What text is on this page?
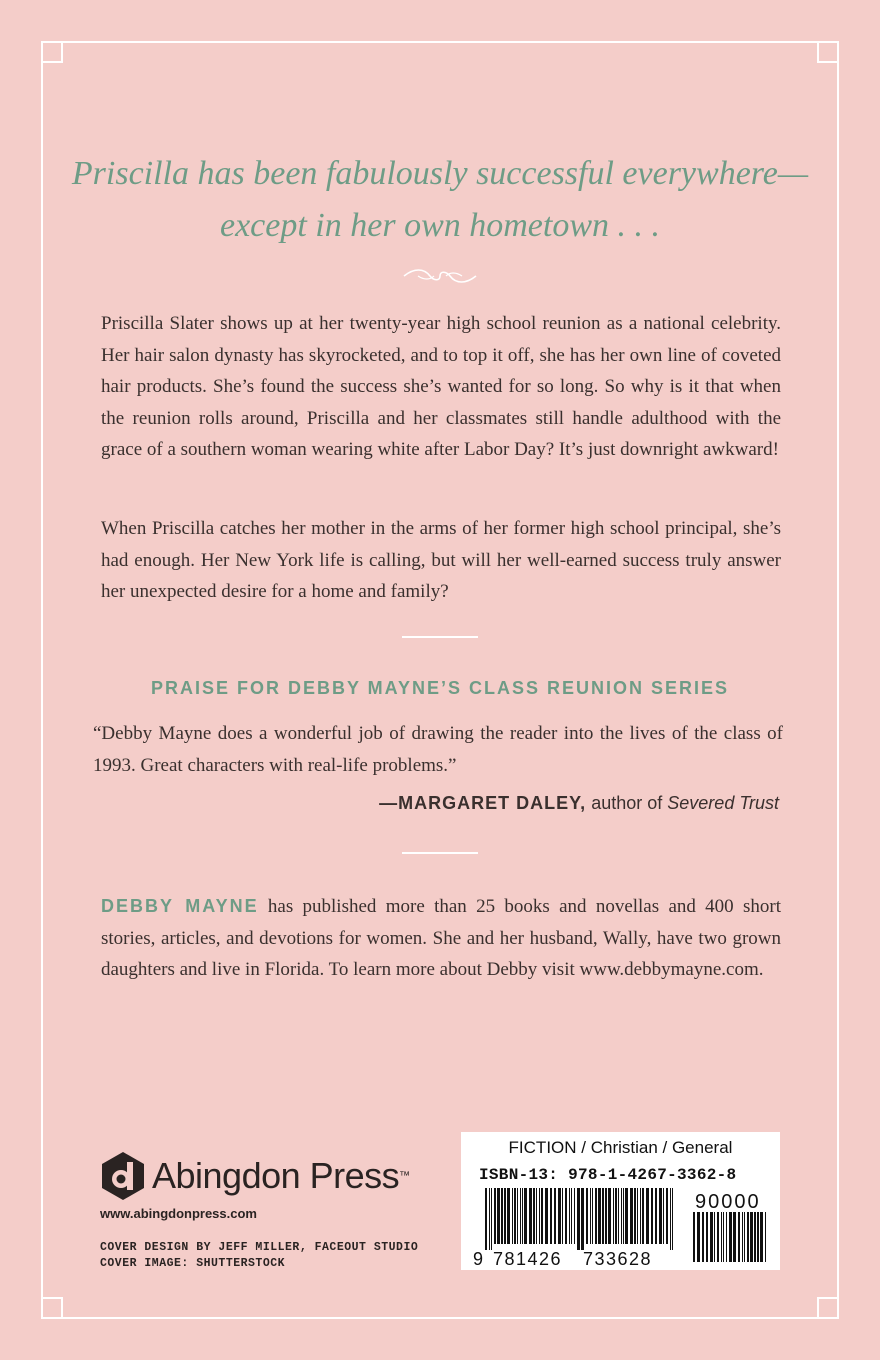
Priscilla has been fabulously successful everywhere—
except in her own hometown . . .

Priscilla Slater shows up at her twenty-year high school reunion as a national celebrity. Her hair salon dynasty has skyrocketed, and to top it off, she has her own line of coveted hair products. She’s found the success she’s wanted for so long. So why is it that when the reunion rolls around, Priscilla and her classmates still handle adulthood with the grace of a southern woman wearing white after Labor Day? It’s just downright awkward!

When Priscilla catches her mother in the arms of her former high school principal, she’s had enough. Her New York life is calling, but will her well-earned success truly answer her unexpected desire for a home and family?

PRAISE FOR DEBBY MAYNE’S CLASS REUNION SERIES

“Debby Mayne does a wonderful job of drawing the reader into the lives of the class of 1993. Great characters with real-life problems.”

—MARGARET DALEY, author of Severed Trust

DEBBY MAYNE has published more than 25 books and novellas and 400 short stories, articles, and devotions for women. She and her husband, Wally, have two grown daughters and live in Florida. To learn more about Debby visit www.debbymayne.com.

Abingdon Press™
www.abingdonpress.com
COVER DESIGN BY JEFF MILLER, FACEOUT STUDIO
COVER IMAGE: SHUTTERSTOCK
FICTION / Christian / General
ISBN-13: 978-1-4267-3362-8
9 781426 733628
90000
